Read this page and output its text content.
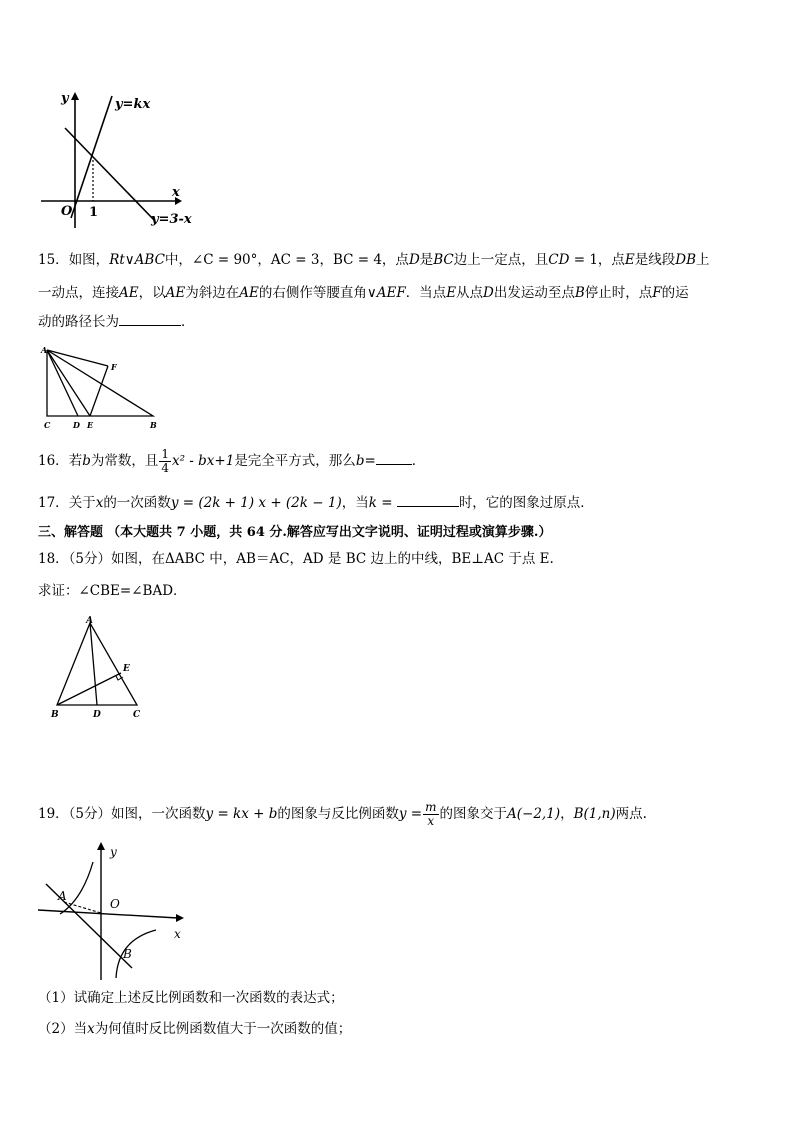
y	y=kx
x
O 1	y=3-x
15．如图，Rt∨ABC中，∠C = 90°，AC = 3，BC = 4，点D是BC边上一定点，且CD = 1，点E是线段DB上
一动点，连接AE，以AE为斜边在AE的右侧作等腰直角∨AEF．当点E从点D出发运动至点B停止时，点F的运
动的路径长为	．
A
F
C	D E	B
16．若b为常数，且 $\frac{1}{4} x^2 - bx+1$是完全平方式，那么b=	．
17．关于x的一次函数y = (2k + 1) x + (2k − 1)，当k =	时，它的图象过原点．
三、解答题 （本大题共 7 小题，共 64 分.解答应写出文字说明、证明过程或演算步骤.）
18．（5分）如图，在ΔABC 中，AB＝AC，AD 是 BC 边上的中线，BE⊥AC 于点 E.
求证：∠CBE=∠BAD．
A
E
B	D	C
19．（5分）如图，一次函数y = kx + b的图象与反比例函数$y = \frac{m}{x}$ 的图象交于A(−2,1)，B(1,n)两点.
y
A
O
x
B
（1）试确定上述反比例函数和一次函数的表达式；
（2）当x为何值时反比例函数值大于一次函数的值；
